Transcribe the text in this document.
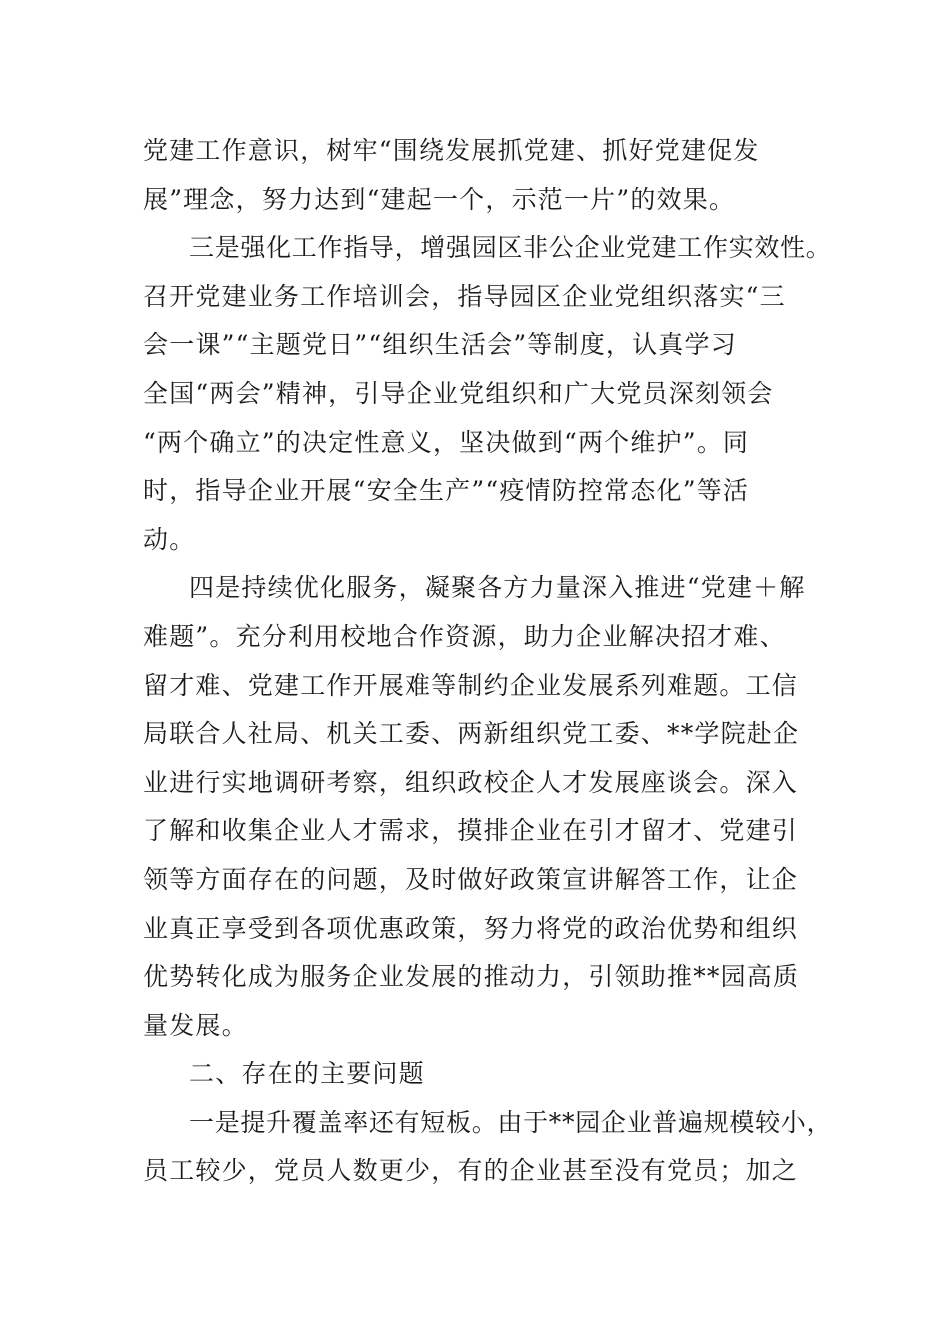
党建工作意识，树牢“围绕发展抓党建、抓好党建促发
展”理念，努力达到“建起一个，示范一片”的效果。
三是强化工作指导，增强园区非公企业党建工作实效性。
召开党建业务工作培训会，指导园区企业党组织落实“三
会一课”“主题党日”“组织生活会”等制度，认真学习
全国“两会”精神，引导企业党组织和广大党员深刻领会
“两个确立”的决定性意义，坚决做到“两个维护”。同
时，指导企业开展“安全生产”“疫情防控常态化”等活
动。
四是持续优化服务，凝聚各方力量深入推进“党建＋解
难题”。充分利用校地合作资源，助力企业解决招才难、
留才难、党建工作开展难等制约企业发展系列难题。工信
局联合人社局、机关工委、两新组织党工委、**学院赴企
业进行实地调研考察，组织政校企人才发展座谈会。深入
了解和收集企业人才需求，摸排企业在引才留才、党建引
领等方面存在的问题，及时做好政策宣讲解答工作，让企
业真正享受到各项优惠政策，努力将党的政治优势和组织
优势转化成为服务企业发展的推动力，引领助推**园高质
量发展。
二、存在的主要问题
一是提升覆盖率还有短板。由于**园企业普遍规模较小，
员工较少，党员人数更少，有的企业甚至没有党员；加之
